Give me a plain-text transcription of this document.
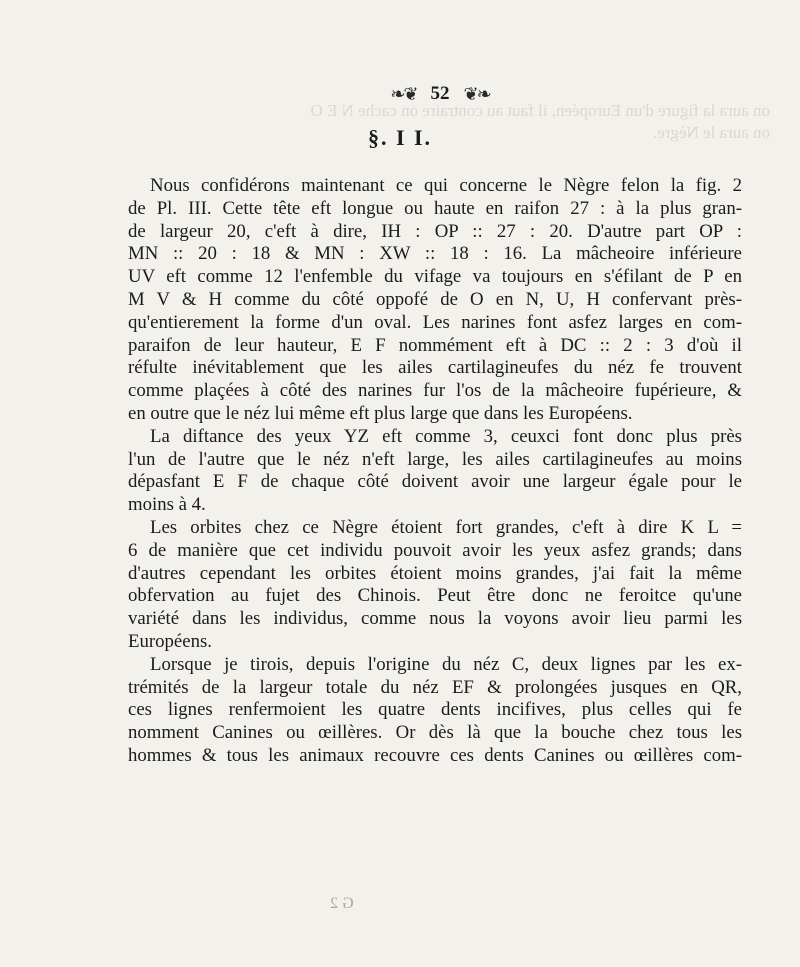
on aura la figure d'un Européen, il faut au contraire on cache N E O
on aura le Nègre.
❧❦ 52 ❦❧
§. I I.
Nous confidérons maintenant ce qui concerne le Nègre felon la fig. 2
de Pl. III. Cette tête eft longue ou haute en raifon 27 : à la plus gran-
de largeur 20, c'eft à dire, IH : OP :: 27 : 20. D'autre part OP :
MN :: 20 : 18 & MN : XW :: 18 : 16. La mâcheoire inférieure
UV eft comme 12 l'enfemble du vifage va toujours en s'éfilant de P en
M V & H comme du côté oppofé de O en N, U, H confervant près-
qu'entierement la forme d'un oval. Les narines font asfez larges en com-
paraifon de leur hauteur, E F nommément eft à DC :: 2 : 3 d'où il
réfulte inévitablement que les ailes cartilagineufes du néz fe trouvent
comme plaçées à côté des narines fur l'os de la mâcheoire fupérieure, &
en outre que le néz lui même eft plus large que dans les Européens.
La diftance des yeux YZ eft comme 3, ceuxci font donc plus près
l'un de l'autre que le néz n'eft large, les ailes cartilagineufes au moins
dépasfant E F de chaque côté doivent avoir une largeur égale pour le
moins à 4.
Les orbites chez ce Nègre étoient fort grandes, c'eft à dire K L =
6 de manière que cet individu pouvoit avoir les yeux asfez grands; dans
d'autres cependant les orbites étoient moins grandes, j'ai fait la même
obfervation au fujet des Chinois. Peut être donc ne feroitce qu'une
variété dans les individus, comme nous la voyons avoir lieu parmi les
Européens.
Lorsque je tirois, depuis l'origine du néz C, deux lignes par les ex-
trémités de la largeur totale du néz EF & prolongées jusques en QR,
ces lignes renfermoient les quatre dents incifives, plus celles qui fe
nomment Canines ou œillères. Or dès là que la bouche chez tous les
hommes & tous les animaux recouvre ces dents Canines ou œillères com-
G 2
